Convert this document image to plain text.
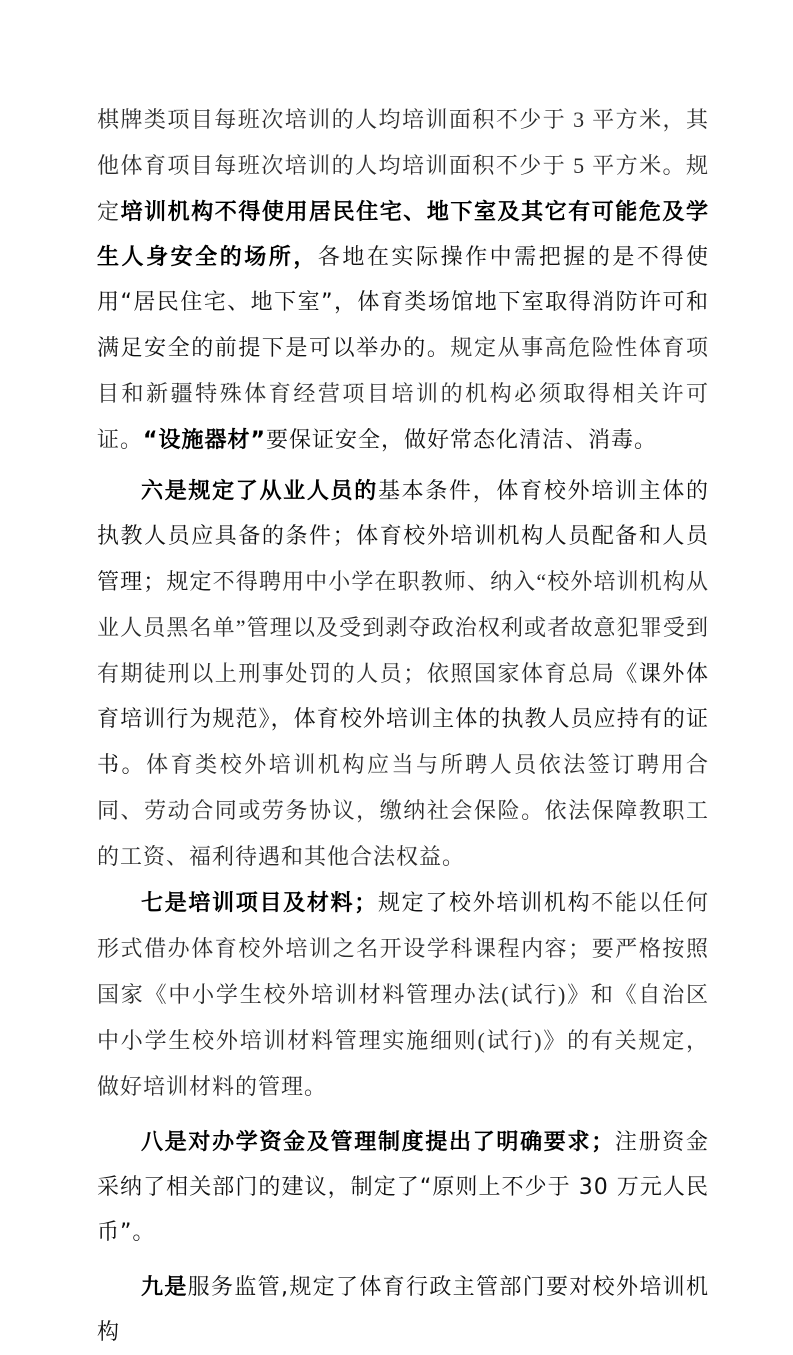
棋牌类项目每班次培训的人均培训面积不少于 3 平方米，其他体育项目每班次培训的人均培训面积不少于 5 平方米。规定培训机构不得使用居民住宅、地下室及其它有可能危及学生人身安全的场所，各地在实际操作中需把握的是不得使用“居民住宅、地下室”，体育类场馆地下室取得消防许可和满足安全的前提下是可以举办的。规定从事高危险性体育项目和新疆特殊体育经营项目培训的机构必须取得相关许可证。“设施器材”要保证安全，做好常态化清洁、消毒。

六是规定了从业人员的基本条件，体育校外培训主体的执教人员应具备的条件；体育校外培训机构人员配备和人员管理；规定不得聘用中小学在职教师、纳入“校外培训机构从业人员黑名单”管理以及受到剥夺政治权利或者故意犯罪受到有期徒刑以上刑事处罚的人员；依照国家体育总局《课外体育培训行为规范》，体育校外培训主体的执教人员应持有的证书。体育类校外培训机构应当与所聘人员依法签订聘用合同、劳动合同或劳务协议，缴纳社会保险。依法保障教职工的工资、福利待遇和其他合法权益。

七是培训项目及材料；规定了校外培训机构不能以任何形式借办体育校外培训之名开设学科课程内容；要严格按照国家《中小学生校外培训材料管理办法(试行)》和《自治区中小学生校外培训材料管理实施细则(试行)》的有关规定，做好培训材料的管理。

八是对办学资金及管理制度提出了明确要求；注册资金采纳了相关部门的建议，制定了“原则上不少于 30 万元人民币”。

九是服务监管,规定了体育行政主管部门要对校外培训机构
